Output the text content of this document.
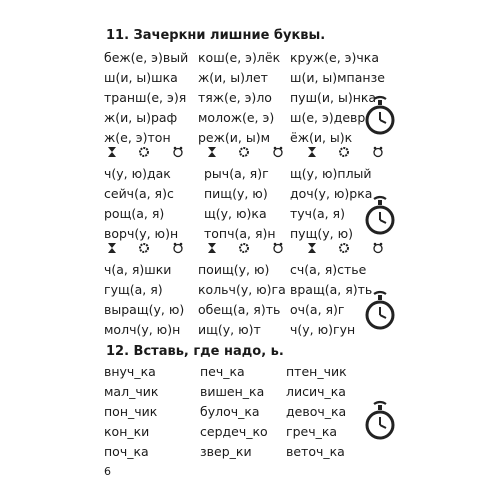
11. Зачеркни лишние буквы.
беж(е, э)вый
ш(и, ы)шка
транш(е, э)я
ж(и, ы)раф
ж(е, э)тон
кош(е, э)лёк
ж(и, ы)лет
тяж(е, э)ло
молож(е, э)
реж(и, ы)м
круж(е, э)чка
ш(и, ы)мпанзе
пуш(и, ы)нка
ш(е, э)девр
ёж(и, ы)к
ч(у, ю)дак
сейч(а, я)с
рощ(а, я)
ворч(у, ю)н
рыч(а, я)г
пищ(у, ю)
щ(у, ю)ка
топч(а, я)н
щ(у, ю)плый
доч(у, ю)рка
туч(а, я)
пущ(у, ю)
ч(а, я)шки
гущ(а, я)
выращ(у, ю)
молч(у, ю)н
поищ(у, ю)
кольч(у, ю)га
обещ(а, я)ть
ищ(у, ю)т
сч(а, я)стье
вращ(а, я)ть
оч(а, я)г
ч(у, ю)гун
12. Вставь, где надо, ь.
внуч_ка
мал_чик
пон_чик
кон_ки
поч_ка
печ_ка
вишен_ка
булоч_ка
сердеч_ко
звер_ки
птен_чик
лисич_ка
девоч_ка
греч_ка
веточ_ка
6
